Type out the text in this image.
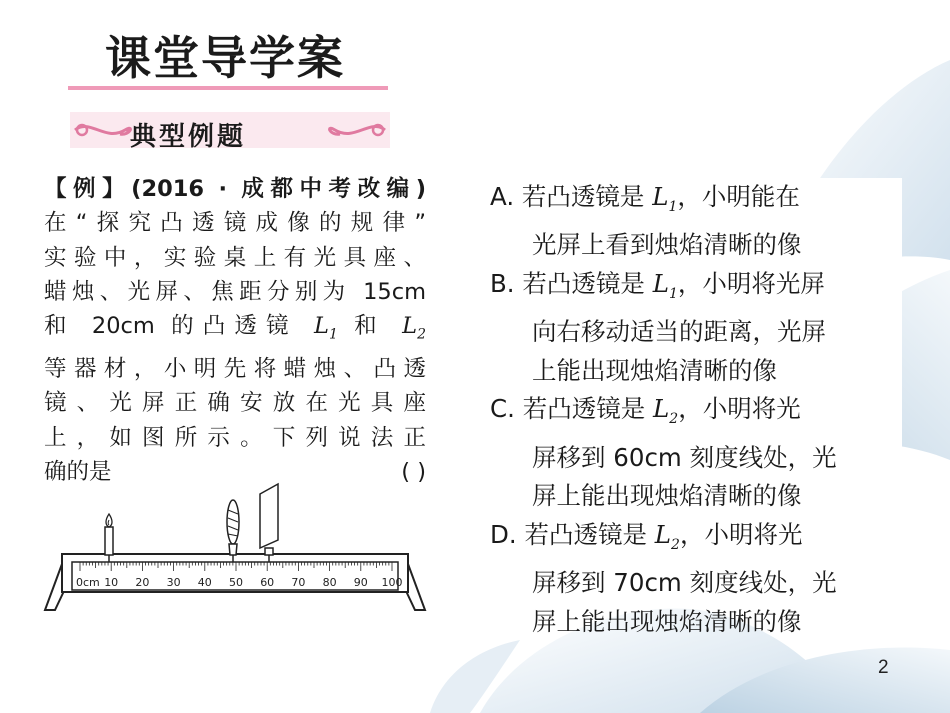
课堂导学案
典型例题
【例】(2016 · 成都中考改编)
在“探究凸透镜成像的规律”
实验中，实验桌上有光具座、
蜡烛、光屏、焦距分别为 15cm
和 20cm 的凸透镜 $L_1$ 和 $L_2$
等器材，小明先将蜡烛、凸透
镜、光屏正确安放在光具座
上，如图所示。下列说法正
确的是	( )
0cm 10 20 30 40 50 60 70 80 90 100
A. 若凸透镜是 $L_1$，小明能在
光屏上看到烛焰清晰的像
B. 若凸透镜是 $L_1$，小明将光屏
向右移动适当的距离，光屏
上能出现烛焰清晰的像
C. 若凸透镜是 $L_2$，小明将光
屏移到 60cm 刻度线处，光
屏上能出现烛焰清晰的像
D. 若凸透镜是 $L_2$，小明将光
屏移到 70cm 刻度线处，光
屏上能出现烛焰清晰的像
2
